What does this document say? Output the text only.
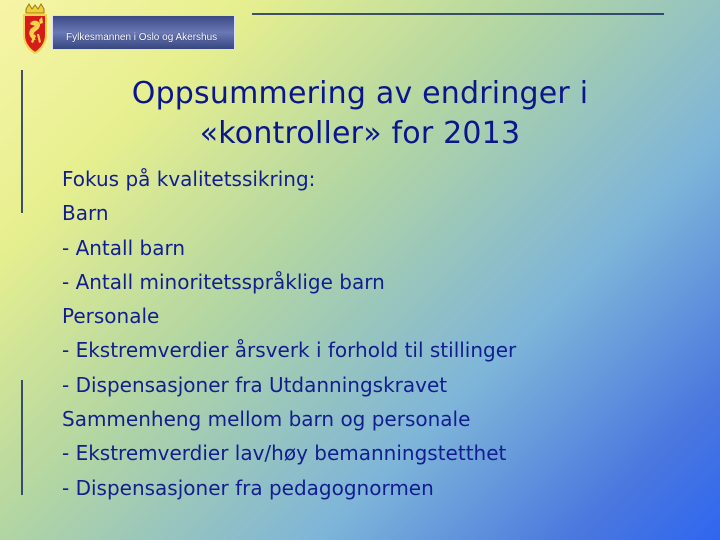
Fylkesmannen i Oslo og Akershus
Oppsummering av endringer i
«kontroller» for 2013
Fokus på kvalitetssikring:
Barn
- Antall barn
- Antall minoritetsspråklige barn
Personale
- Ekstremverdier årsverk i forhold til stillinger
- Dispensasjoner fra Utdanningskravet
Sammenheng mellom barn og personale
- Ekstremverdier lav/høy bemanningstetthet
- Dispensasjoner fra pedagognormen
